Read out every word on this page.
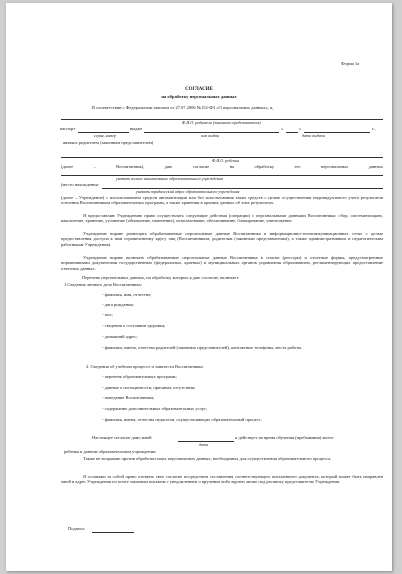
Форма 1а
СОГЛАСИЕ
на обработку персональных данных
В соответствии с Федеральным законом от 27.07.2006 №152-ФЗ «О персональных данных», я,
Ф.И.О. родителя (законного представителя)
паспорт	выдан	«	»	г.,
серия, номер	кем выдан	дата выдачи
являясь родителем (законным представителем)
Ф.И.О. ребенка
(далее	–	Воспитанник),	даю	согласие	на	обработку	его	персональных	данных
указать полное наименование образовательного учреждения
(место нахождения:
указать юридический адрес образовательного учреждения
(далее – Учреждение) с использованием средств автоматизации или без использования таких средств с целью осуществления индивидуального учета результатов освоения Воспитанником образовательных программ, а также хранения в архивах данных об этих результатах.
Я предоставляю Учреждению право осуществлять следующие действия (операции) с персональными данными Воспитанника: сбор, систематизацию, накопление, хранение, уточнение (обновление, изменение), использование, обезличивание, блокирование, уничтожение.
Учреждение вправе размещать обрабатываемые персональные данные Воспитанника в информационно-телекоммуникационных сетях с целью предоставления доступа к ним ограниченному кругу лиц (Воспитанником, родителям (законным представителям), а также административным и педагогическим работникам Учреждения).
Учреждение вправе включать обрабатываемые персональные данные Воспитанника в списки (реестры) и отчетные формы, предусмотренные нормативными документами государственных (федеральных, краевых) и муниципальных органов управления образованием, регламентирующих предоставление отчетных данных.
Перечень персональных данных, на обработку которых я даю согласие, включает:
1.Сведения личного дела Воспитанника:
- фамилия, имя, отчество;
- дата рождения;
- пол;
- сведения о состоянии здоровья;
- домашний адрес;
- фамилии, имена, отчества родителей (законных представителей), контактные телефоны, места работы.
2. Сведения об учебном процессе и занятости Воспитанника:
- перечень образовательных программ;
- данные о посещаемости, причинах отсутствия;
- поведение Воспитанника;
- содержание дополнительных образовательных услуг;
- фамилия, имена, отчества педагогов, осуществляющих образовательный процесс.
Настоящее согласие дано мной	и действует на время обучения (пребывания) моего
дата
ребенка в данном образовательном учреждении.
Также не возражаю против обработки моих персональных данных, необходимых для осуществления образовательного процесса.
Я оставляю за собой право отозвать свое согласие посредством составления соответствующего письменного документа, который может быть направлен мной в адрес Учреждения по почте заказным письмом с уведомлением о вручении либо вручен лично под расписку представителю Учреждения.
Подпись
